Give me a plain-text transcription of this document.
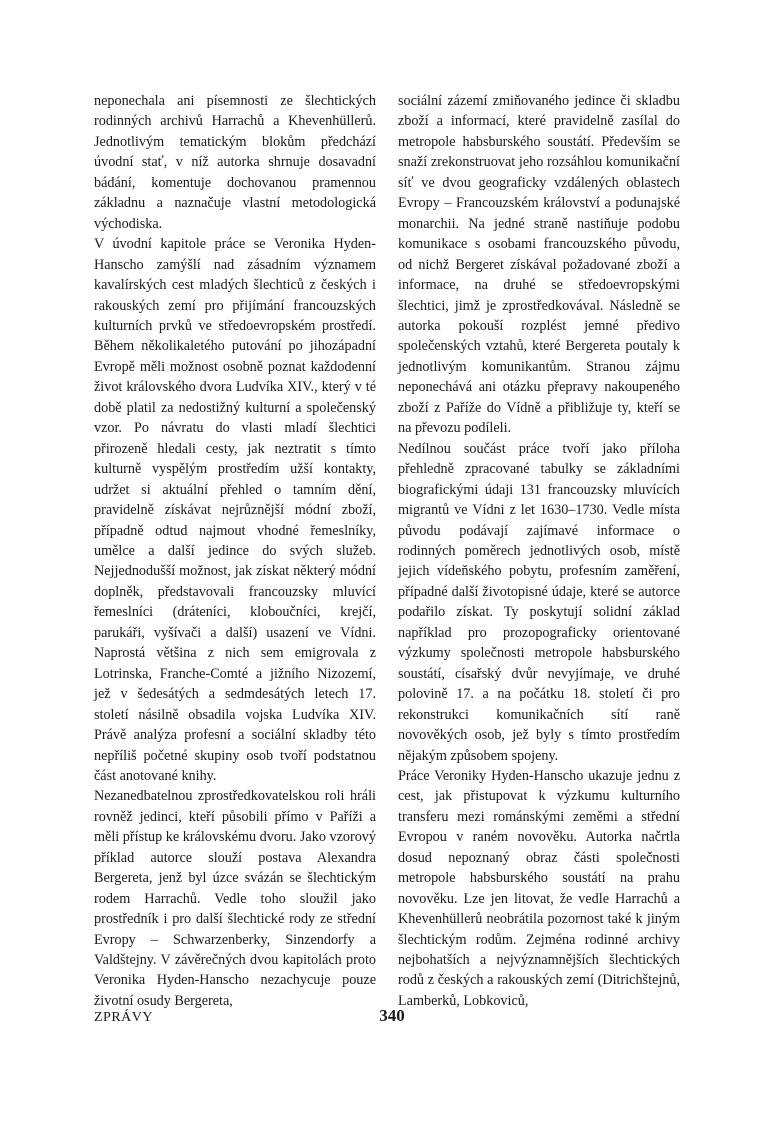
neponechala ani písemnosti ze šlechtických rodinných archivů Harrachů a Khevenhüllerů. Jednotlivým tematickým blokům předchází úvodní stať, v níž autorka shrnuje dosavadní bádání, komentuje dochovanou pramennou základnu a naznačuje vlastní metodologická východiska.

V úvodní kapitole práce se Veronika Hyden-Hanscho zamýšlí nad zásadním významem kavalírských cest mladých šlechticů z českých i rakouských zemí pro přijímání francouzských kulturních prvků ve středoevropském prostředí. Během několikaletého putování po jihozápadní Evropě měli možnost osobně poznat každodenní život královského dvora Ludvíka XIV., který v té době platil za nedostižný kulturní a společenský vzor. Po návratu do vlasti mladí šlechtici přirozeně hledali cesty, jak neztratit s tímto kulturně vyspělým prostředím užší kontakty, udržet si aktuální přehled o tamním dění, pravidelně získávat nejrůznější módní zboží, případně odtud najmout vhodné řemeslníky, umělce a další jedince do svých služeb. Nejjednodušší možnost, jak získat některý módní doplněk, představovali francouzsky mluvící řemeslníci (dráteníci, kloboučníci, krejčí, parukáři, vyšívači a další) usazení ve Vídni. Naprostá většina z nich sem emigrovala z Lotrinska, Franche-Comté a jižního Nizozemí, jež v šedesátých a sedmdesátých letech 17. století násilně obsadila vojska Ludvíka XIV. Právě analýza profesní a sociální skladby této nepříliš početné skupiny osob tvoří podstatnou část anotované knihy.

Nezanedbatelnou zprostředkovatelskou roli hráli rovněž jedinci, kteří působili přímo v Paříži a měli přístup ke královskému dvoru. Jako vzorový příklad autorce slouží postava Alexandra Bergereta, jenž byl úzce svázán se šlechtickým rodem Harrachů. Vedle toho sloužil jako prostředník i pro další šlechtické rody ze střední Evropy – Schwarzenberky, Sinzendorfy a Valdštejny. V závěrečných dvou kapitolách proto Veronika Hyden-Hanscho nezachycuje pouze životní osudy Bergereta,

sociální zázemí zmiňovaného jedince či skladbu zboží a informací, které pravidelně zasílal do metropole habsburského soustátí. Především se snaží zrekonstruovat jeho rozsáhlou komunikační síť ve dvou geograficky vzdálených oblastech Evropy – Francouzském království a podunajské monarchii. Na jedné straně nastiňuje podobu komunikace s osobami francouzského původu, od nichž Bergeret získával požadované zboží a informace, na druhé se středoevropskými šlechtici, jimž je zprostředkovával. Následně se autorka pokouší rozplést jemné předivo společenských vztahů, které Bergereta poutaly k jednotlivým komunikantům. Stranou zájmu neponechává ani otázku přepravy nakoupeného zboží z Paříže do Vídně a přibližuje ty, kteří se na převozu podíleli.

Nedílnou součást práce tvoří jako příloha přehledně zpracované tabulky se základními biografickými údaji 131 francouzsky mluvících migrantů ve Vídni z let 1630–1730. Vedle místa původu podávají zajímavé informace o rodinných poměrech jednotlivých osob, místě jejich vídeňského pobytu, profesním zaměření, případné další životopisné údaje, které se autorce podařilo získat. Ty poskytují solidní základ například pro prozopograficky orientované výzkumy společnosti metropole habsburského soustátí, císařský dvůr nevyjímaje, ve druhé polovině 17. a na počátku 18. století či pro rekonstrukci komunikačních sítí raně novověkých osob, jež byly s tímto prostředím nějakým způsobem spojeny.

Práce Veroniky Hyden-Hanscho ukazuje jednu z cest, jak přistupovat k výzkumu kulturního transferu mezi románskými zeměmi a střední Evropou v raném novověku. Autorka načrtla dosud nepoznaný obraz části společnosti metropole habsburského soustátí na prahu novověku. Lze jen litovat, že vedle Harrachů a Khevenhüllerů neobrátila pozornost také k jiným šlechtickým rodům. Zejména rodinné archivy nejbohatších a nejvýznamnějších šlechtických rodů z českých a rakouských zemí (Ditrichštejnů, Lamberků, Lobkoviců,

ZPRÁVY	340
